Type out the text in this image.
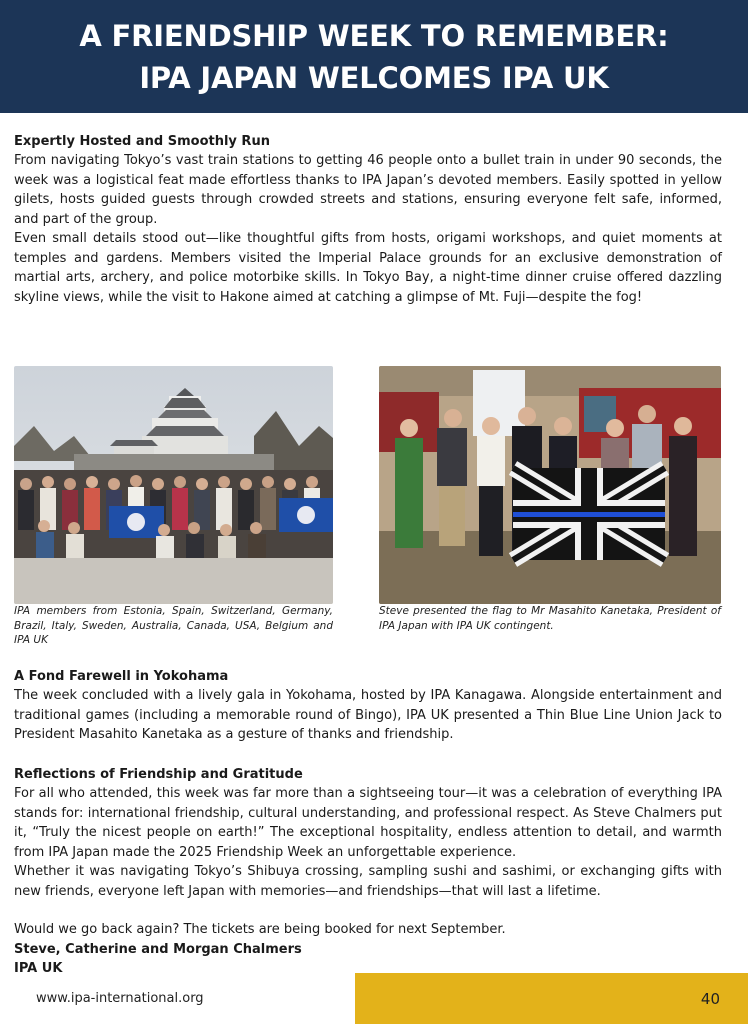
A FRIENDSHIP WEEK TO REMEMBER:
IPA JAPAN WELCOMES IPA UK
Expertly Hosted and Smoothly Run

From navigating Tokyo’s vast train stations to getting 46 people onto a bullet train in under 90 seconds, the week was a logistical feat made effortless thanks to IPA Japan’s devoted members. Easily spotted in yellow gilets, hosts guided guests through crowded streets and stations, ensuring everyone felt safe, informed, and part of the group.

Even small details stood out—like thoughtful gifts from hosts, origami workshops, and quiet moments at temples and gardens. Members visited the Imperial Palace grounds for an exclusive demonstration of martial arts, archery, and police motorbike skills. In Tokyo Bay, a night-time dinner cruise offered dazzling skyline views, while the visit to Hakone aimed at catching a glimpse of Mt. Fuji—despite the fog!

IPA members from Estonia, Spain, Switzerland, Germany, Brazil, Italy, Sweden, Australia, Canada, USA, Belgium and IPA UK
Steve presented the flag to Mr Masahito Kanetaka, President of IPA Japan with IPA UK contingent.
A Fond Farewell in Yokohama

The week concluded with a lively gala in Yokohama, hosted by IPA Kanagawa. Alongside entertainment and traditional games (including a memorable round of Bingo), IPA UK presented a Thin Blue Line Union Jack to President Masahito Kanetaka as a gesture of thanks and friendship.

Reflections of Friendship and Gratitude

For all who attended, this week was far more than a sightseeing tour—it was a celebration of everything IPA stands for: international friendship, cultural understanding, and professional respect. As Steve Chalmers put it, “Truly the nicest people on earth!” The exceptional hospitality, endless attention to detail, and warmth from IPA Japan made the 2025 Friendship Week an unforgettable experience.

Whether it was navigating Tokyo’s Shibuya crossing, sampling sushi and sashimi, or exchanging gifts with new friends, everyone left Japan with memories—and friendships—that will last a lifetime.

Would we go back again? The tickets are being booked for next September.

Steve, Catherine and Morgan Chalmers
IPA UK
40
www.ipa-international.org
